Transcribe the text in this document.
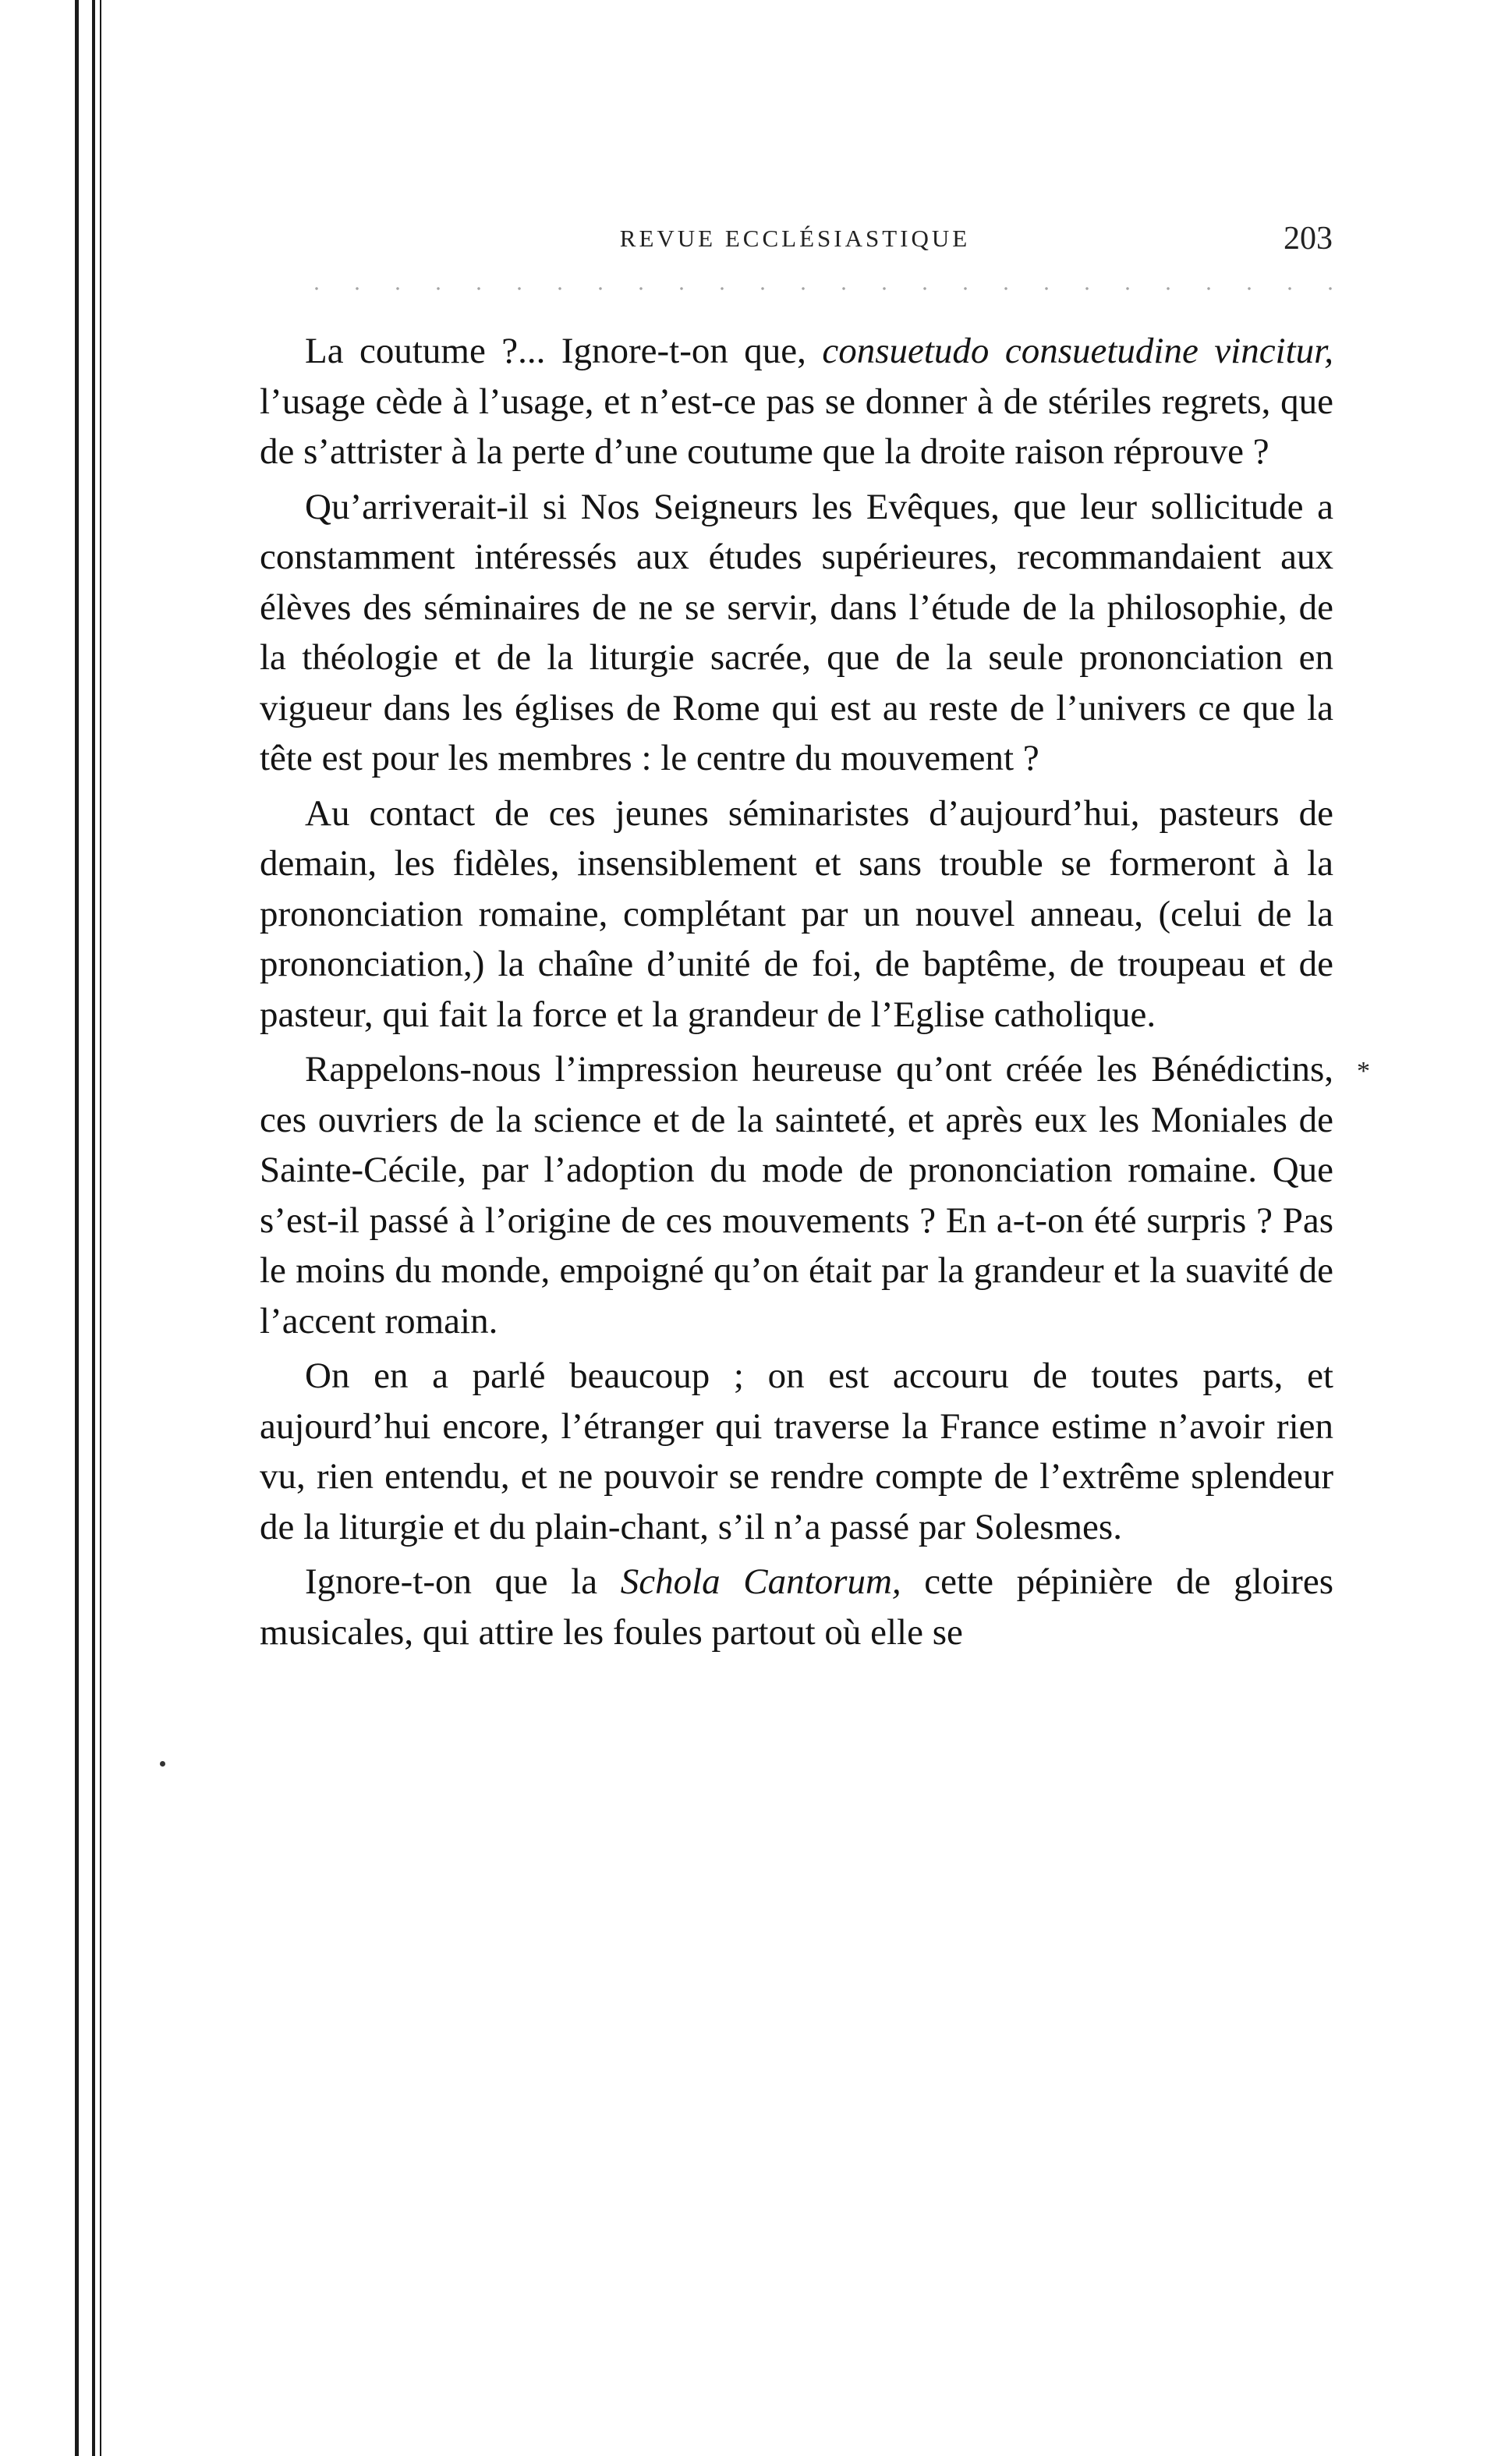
REVUE ECCLÉSIASTIQUE	203

La coutume ?... Ignore-t-on que, consuetudo consuetudine vincitur, l’usage cède à l’usage, et n’est-ce pas se donner à de stériles regrets, que de s’attrister à la perte d’une coutume que la droite raison réprouve ?

Qu’arriverait-il si Nos Seigneurs les Evêques, que leur sollicitude a constamment intéressés aux études supérieures, recommandaient aux élèves des séminaires de ne se servir, dans l’étude de la philosophie, de la théologie et de la liturgie sacrée, que de la seule prononciation en vigueur dans les églises de Rome qui est au reste de l’univers ce que la tête est pour les membres : le centre du mouvement ?

Au contact de ces jeunes séminaristes d’aujourd’hui, pasteurs de demain, les fidèles, insensiblement et sans trouble se formeront à la prononciation romaine, complétant par un nouvel anneau, (celui de la prononciation,) la chaîne d’unité de foi, de baptême, de troupeau et de pasteur, qui fait la force et la grandeur de l’Eglise catholique.

Rappelons-nous l’impression heureuse qu’ont créée les Bénédictins, ces ouvriers de la science et de la sainteté, et après eux les Moniales de Sainte-Cécile, par l’adoption du mode de prononciation romaine. Que s’est-il passé à l’origine de ces mouvements ? En a-t-on été surpris ? Pas le moins du monde, empoigné qu’on était par la grandeur et la suavité de l’accent romain.

On en a parlé beaucoup ; on est accouru de toutes parts, et aujourd’hui encore, l’étranger qui traverse la France estime n’avoir rien vu, rien entendu, et ne pouvoir se rendre compte de l’extrême splendeur de la liturgie et du plain-chant, s’il n’a passé par Solesmes.

Ignore-t-on que la Schola Cantorum, cette pépinière de gloires musicales, qui attire les foules partout où elle se

*
